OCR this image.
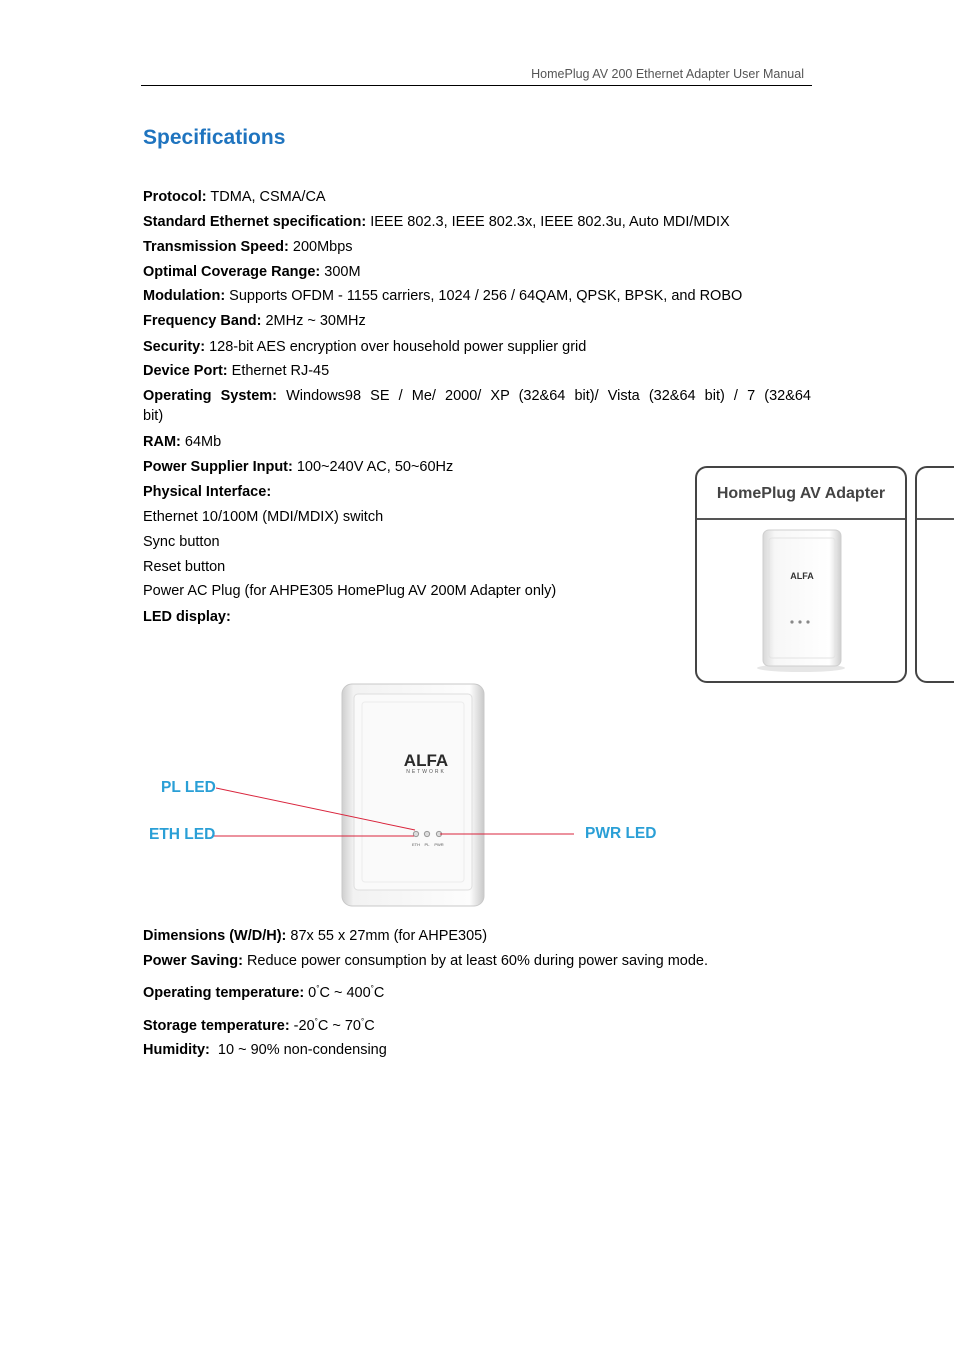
HomePlug AV 200 Ethernet Adapter User Manual
Specifications
Protocol: TDMA, CSMA/CA
Standard Ethernet specification: IEEE 802.3, IEEE 802.3x, IEEE 802.3u, Auto MDI/MDIX
Transmission Speed: 200Mbps
Optimal Coverage Range: 300M
Modulation: Supports OFDM - 1155 carriers, 1024 / 256 / 64QAM, QPSK, BPSK, and ROBO
Frequency Band: 2MHz ~ 30MHz
Security: 128-bit AES encryption over household power supplier grid
Device Port: Ethernet RJ-45
Operating System: Windows98 SE / Me/ 2000/ XP (32&64 bit)/ Vista (32&64 bit) / 7 (32&64
bit)
RAM: 64Mb
Power Supplier Input: 100~240V AC, 50~60Hz
Physical Interface:
Ethernet 10/100M (MDI/MDIX) switch
Sync button
Reset button
Power AC Plug (for AHPE305 HomePlug AV 200M Adapter only)
LED display:
HomePlug AV Adapter
ALFA
ALFA
NETWORK
ETH PL PWR
PL LED
ETH LED	PWR LED
Dimensions (W/D/H): 87x 55 x 27mm (for AHPE305)
Power Saving: Reduce power consumption by at least 60% during power saving mode.
Operating temperature: 0°C ~ 400°C
Storage temperature: -20°C ~ 70°C
Humidity:  10 ~ 90% non-condensing
